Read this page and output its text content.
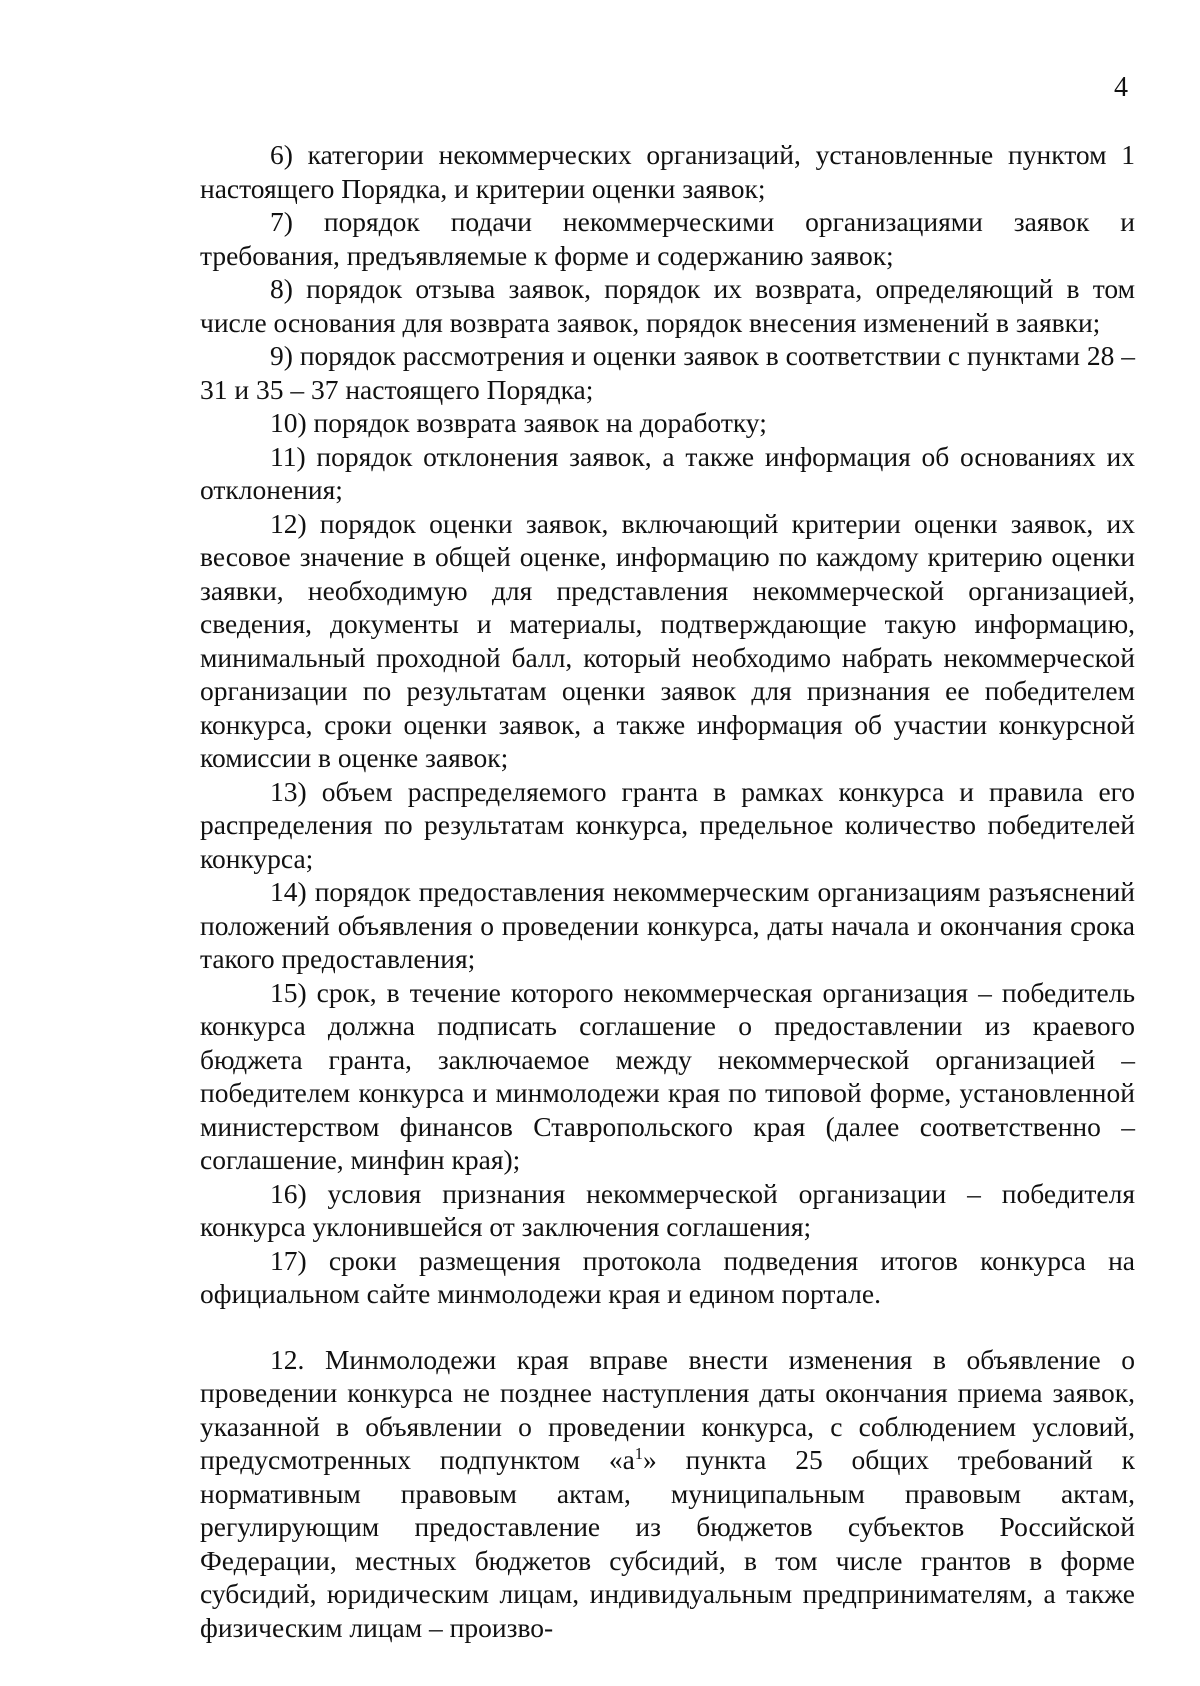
4

6) категории некоммерческих организаций, установленные пунктом 1 настоящего Порядка, и критерии оценки заявок;

7) порядок подачи некоммерческими организациями заявок и требования, предъявляемые к форме и содержанию заявок;

8) порядок отзыва заявок, порядок их возврата, определяющий в том числе основания для возврата заявок, порядок внесения изменений в заявки;

9) порядок рассмотрения и оценки заявок в соответствии с пунктами 28 – 31 и 35 – 37 настоящего Порядка;

10) порядок возврата заявок на доработку;

11) порядок отклонения заявок, а также информация об основаниях их отклонения;

12) порядок оценки заявок, включающий критерии оценки заявок, их весовое значение в общей оценке, информацию по каждому критерию оценки заявки, необходимую для представления некоммерческой организацией, сведения, документы и материалы, подтверждающие такую информацию, минимальный проходной балл, который необходимо набрать некоммерческой организации по результатам оценки заявок для признания ее победителем конкурса, сроки оценки заявок, а также информация об участии конкурсной комиссии в оценке заявок;

13) объем распределяемого гранта в рамках конкурса и правила его распределения по результатам конкурса, предельное количество победителей конкурса;

14) порядок предоставления некоммерческим организациям разъяснений положений объявления о проведении конкурса, даты начала и окончания срока такого предоставления;

15) срок, в течение которого некоммерческая организация – победитель конкурса должна подписать соглашение о предоставлении из краевого бюджета гранта, заключаемое между некоммерческой организацией – победителем конкурса и минмолодежи края по типовой форме, установленной министерством финансов Ставропольского края (далее соответственно – соглашение, минфин края);

16) условия признания некоммерческой организации – победителя конкурса уклонившейся от заключения соглашения;

17) сроки размещения протокола подведения итогов конкурса на официальном сайте минмолодежи края и едином портале.

12. Минмолодежи края вправе внести изменения в объявление о проведении конкурса не позднее наступления даты окончания приема заявок, указанной в объявлении о проведении конкурса, с соблюдением условий, предусмотренных подпунктом «$а^1$» пункта 25 общих требований к нормативным правовым актам, муниципальным правовым актам, регулирующим предоставление из бюджетов субъектов Российской Федерации, местных бюджетов субсидий, в том числе грантов в форме субсидий, юридическим лицам, индивидуальным предпринимателям, а также физическим лицам – произво-
